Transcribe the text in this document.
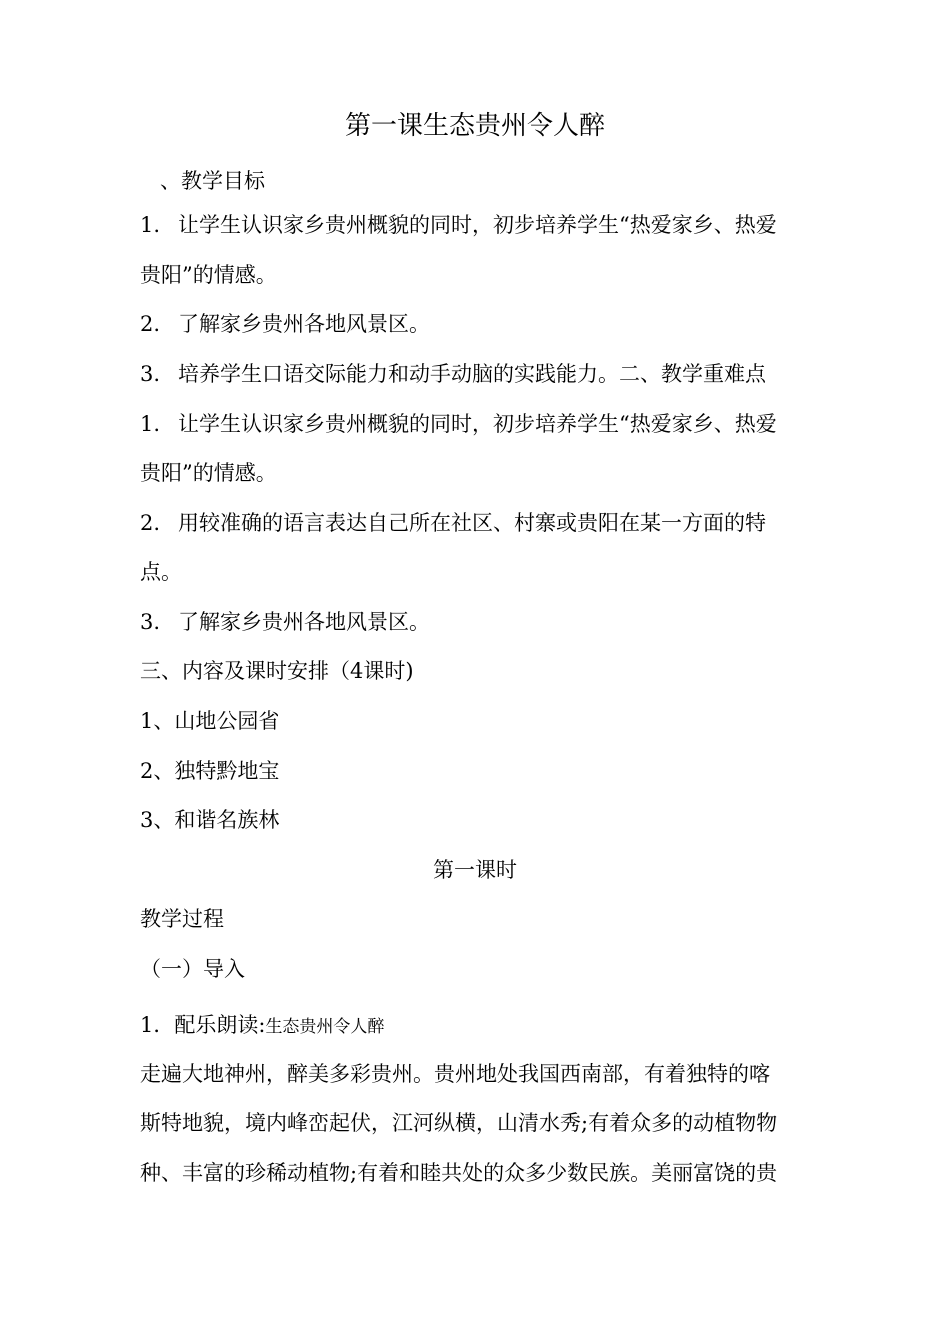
第一课生态贵州令人醉
、教学目标
1. 让学生认识家乡贵州概貌的同时，初步培养学生“热爱家乡、热爱
贵阳”的情感。
2. 了解家乡贵州各地风景区。
3. 培养学生口语交际能力和动手动脑的实践能力。二、教学重难点
1. 让学生认识家乡贵州概貌的同时，初步培养学生“热爱家乡、热爱
贵阳”的情感。
2. 用较准确的语言表达自己所在社区、村寨或贵阳在某一方面的特
点。
3. 了解家乡贵州各地风景区。
三、内容及课时安排（4课时)
1、山地公园省
2、独特黔地宝
3、和谐名族林
第一课时
教学过程
（一）导入
1．配乐朗读:生态贵州令人醉
走遍大地神州，醉美多彩贵州。贵州地处我国西南部，有着独特的喀
斯特地貌，境内峰峦起伏，江河纵横，山清水秀;有着众多的动植物物
种、丰富的珍稀动植物;有着和睦共处的众多少数民族。美丽富饶的贵
